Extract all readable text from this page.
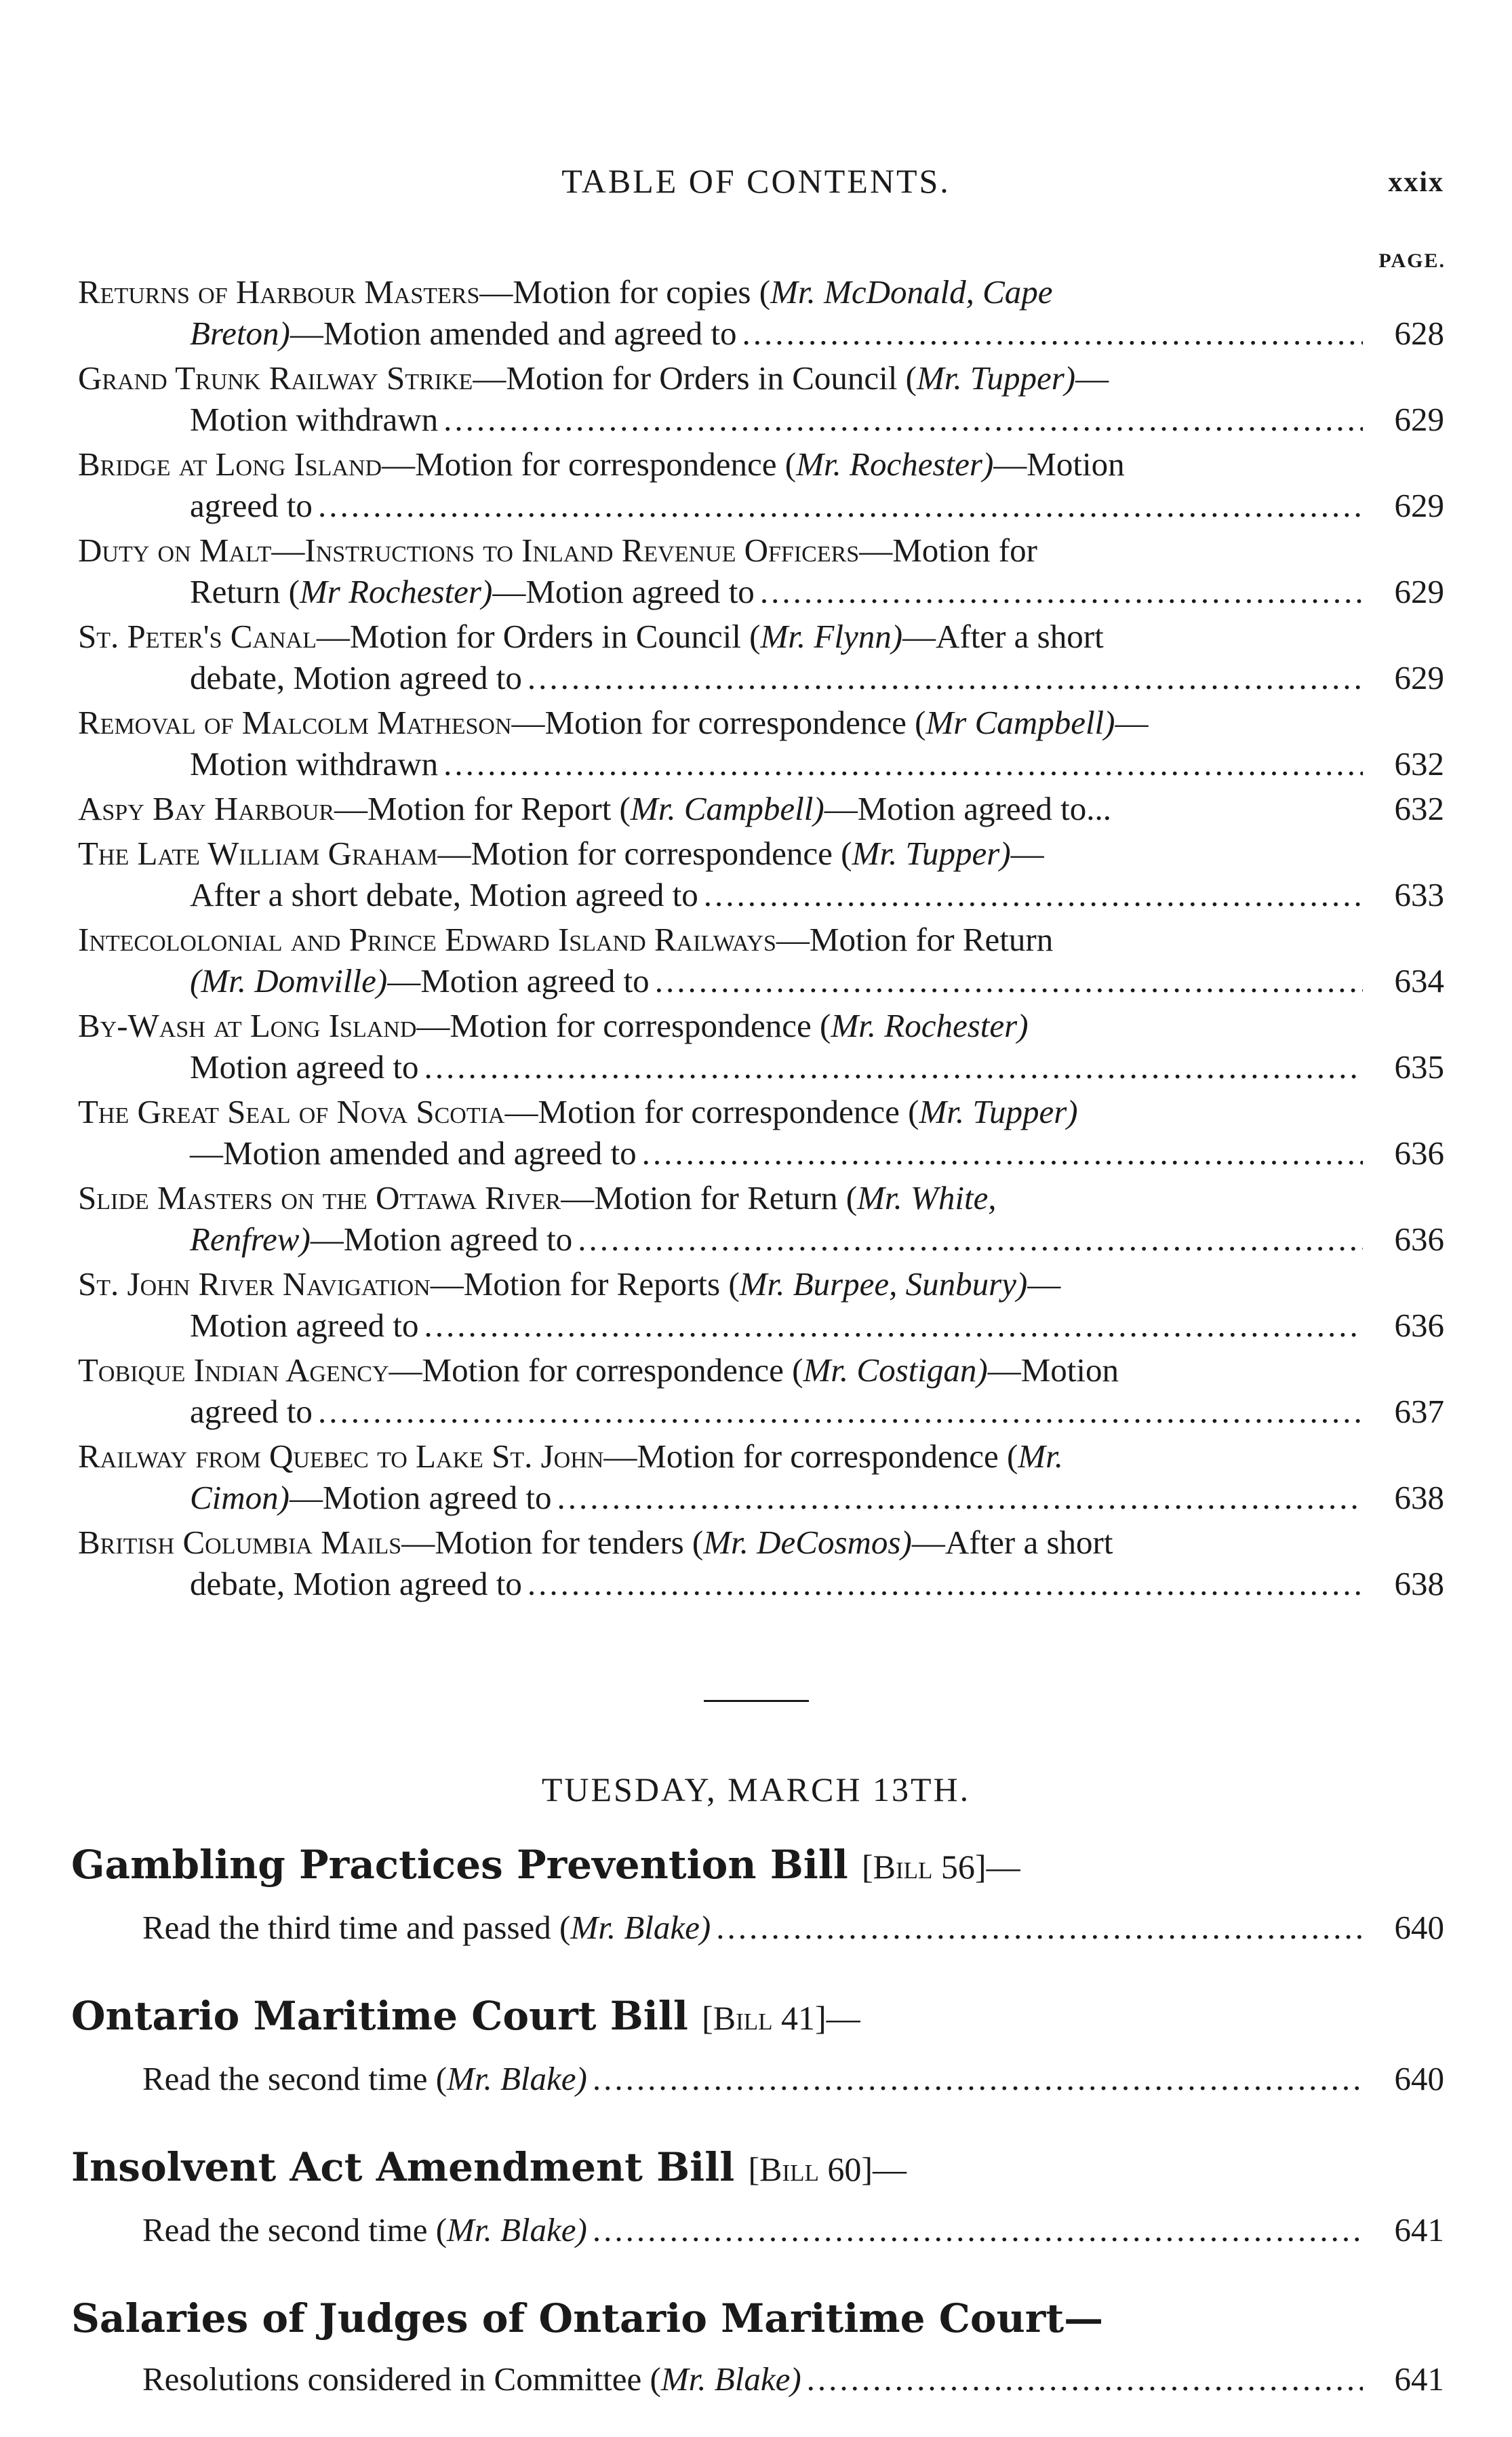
TABLE OF CONTENTS.	xxix
PAGE.
Returns of Harbour Masters—Motion for copies (Mr. McDonald, Cape
Breton)—Motion amended and agreed to .....	628
Grand Trunk Railway Strike—Motion for Orders in Council (Mr. Tupper)—
Motion withdrawn .....	629
Bridge at Long Island—Motion for correspondence (Mr. Rochester)—Motion
agreed to .....	629
Duty on Malt—Instructions to Inland Revenue Officers—Motion for
Return (Mr Rochester)—Motion agreed to .....	629
St. Peter's Canal—Motion for Orders in Council (Mr. Flynn)—After a short
debate, Motion agreed to .....	629
Removal of Malcolm Matheson—Motion for correspondence (Mr Campbell)—
Motion withdrawn .....	632
Aspy Bay Harbour—Motion for Report (Mr. Campbell)—Motion agreed to...	632
The Late William Graham—Motion for correspondence (Mr. Tupper)—
After a short debate, Motion agreed to .....	633
Intecololonial and Prince Edward Island Railways—Motion for Return
(Mr. Domville)—Motion agreed to .....	634
By-Wash at Long Island—Motion for correspondence (Mr. Rochester)
Motion agreed to .....	635
The Great Seal of Nova Scotia—Motion for correspondence (Mr. Tupper)
—Motion amended and agreed to .....	636
Slide Masters on the Ottawa River—Motion for Return (Mr. White,
Renfrew)—Motion agreed to .....	636
St. John River Navigation—Motion for Reports (Mr. Burpee, Sunbury)—
Motion agreed to .....	636
Tobique Indian Agency—Motion for correspondence (Mr. Costigan)—Motion
agreed to .....	637
Railway from Quebec to Lake St. John—Motion for correspondence (Mr.
Cimon)—Motion agreed to .....	638
British Columbia Mails—Motion for tenders (Mr. DeCosmos)—After a short
debate, Motion agreed to .....	638
TUESDAY, MARCH 13TH.
Gambling Practices Prevention Bill [Bill 56]—
Read the third time and passed (Mr. Blake) .....	640
Ontario Maritime Court Bill [Bill 41]—
Read the second time (Mr. Blake) .....	640
Insolvent Act Amendment Bill [Bill 60]—
Read the second time (Mr. Blake) .....	641
Salaries of Judges of Ontario Maritime Court—
Resolutions considered in Committee (Mr. Blake) .....	641
